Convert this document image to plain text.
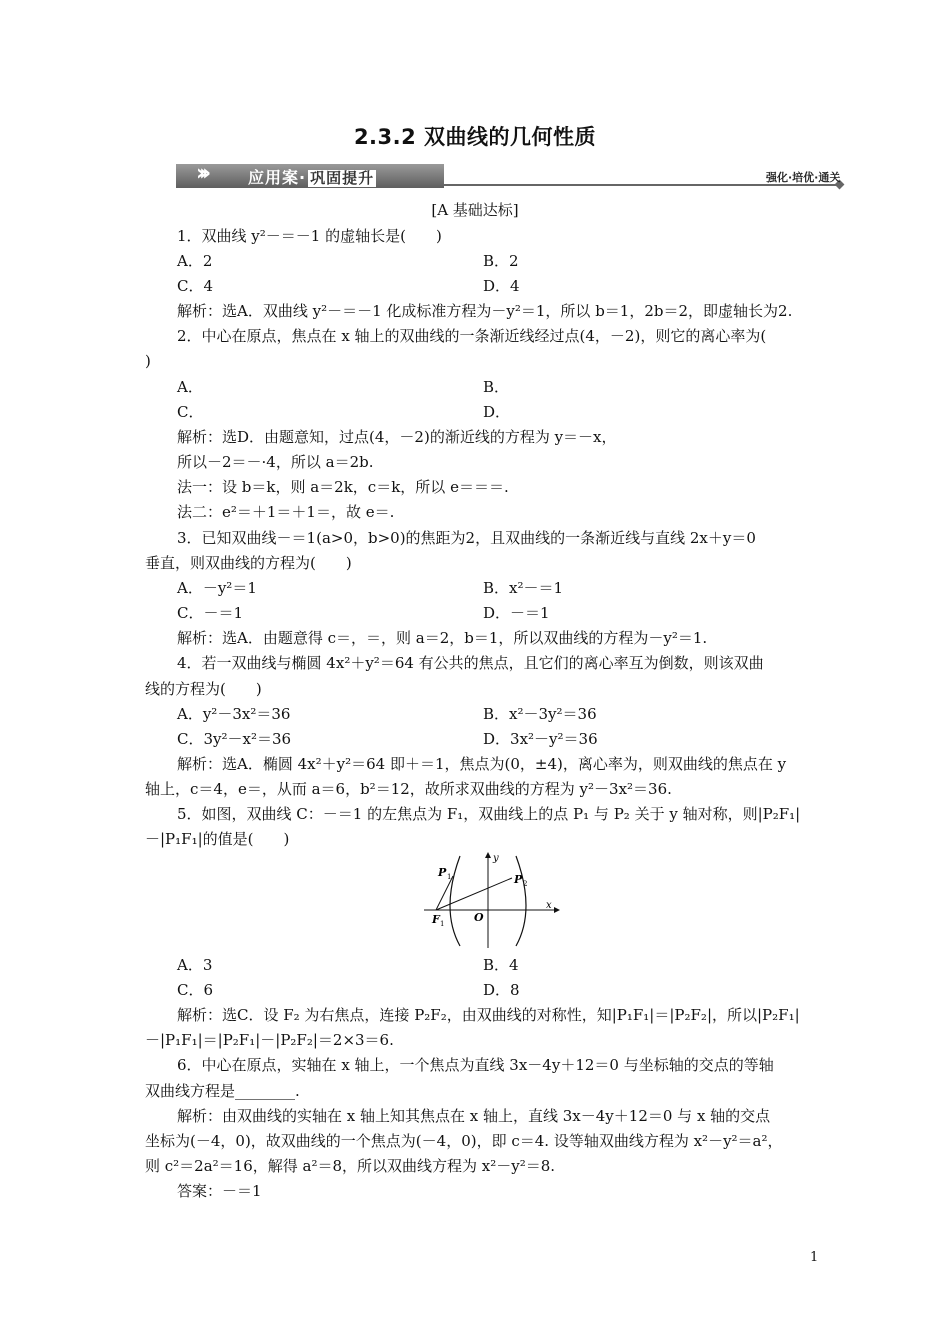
2.3.2 双曲线的几何性质
›››	应用案· 巩固提升	强化·培优·通关
[A 基础达标]
1．双曲线 y²－＝－1 的虚轴长是(　　)
A．2	B．2
C．4	D．4
解析：选A．双曲线 y²－＝－1 化成标准方程为－y²＝1，所以 b＝1，2b＝2，即虚轴长为2.
2．中心在原点，焦点在 x 轴上的双曲线的一条渐近线经过点(4，－2)，则它的离心率为(
)
A．	B．
C．	D．
解析：选D．由题意知，过点(4，－2)的渐近线的方程为 y＝－x，
所以－2＝－·4，所以 a＝2b.
法一：设 b＝k，则 a＝2k，c＝k，所以 e＝＝＝.
法二：e²＝＋1＝＋1＝，故 e＝.
3．已知双曲线－＝1(a>0，b>0)的焦距为2，且双曲线的一条渐近线与直线 2x＋y＝0
垂直，则双曲线的方程为(　　)
A．－y²＝1	B．x²－＝1
C．－＝1	D．－＝1
解析：选A．由题意得 c＝，＝，则 a＝2，b＝1，所以双曲线的方程为－y²＝1.
4．若一双曲线与椭圆 4x²＋y²＝64 有公共的焦点，且它们的离心率互为倒数，则该双曲
线的方程为(　　)
A．y²－3x²＝36	B．x²－3y²＝36
C．3y²－x²＝36	D．3x²－y²＝36
解析：选A．椭圆 4x²＋y²＝64 即＋＝1，焦点为(0，±4)，离心率为，则双曲线的焦点在 y
轴上，c＝4，e＝，从而 a＝6，b²＝12，故所求双曲线的方程为 y²－3x²＝36.
5．如图，双曲线 C：－＝1 的左焦点为 F₁，双曲线上的点 P₁ 与 P₂ 关于 y 轴对称，则|P₂F₁|
－|P₁F₁|的值是(　　)
y
x
O
P 1	P 2
F 1
A．3	B．4
C．6	D．8
解析：选C．设 F₂ 为右焦点，连接 P₂F₂，由双曲线的对称性，知|P₁F₁|＝|P₂F₂|，所以|P₂F₁|
－|P₁F₁|＝|P₂F₁|－|P₂F₂|＝2×3＝6.
6．中心在原点，实轴在 x 轴上，一个焦点为直线 3x－4y＋12＝0 与坐标轴的交点的等轴
双曲线方程是________.
解析：由双曲线的实轴在 x 轴上知其焦点在 x 轴上，直线 3x－4y＋12＝0 与 x 轴的交点
坐标为(－4，0)，故双曲线的一个焦点为(－4，0)，即 c＝4. 设等轴双曲线方程为 x²－y²＝a²，
则 c²＝2a²＝16，解得 a²＝8，所以双曲线方程为 x²－y²＝8.
答案：－＝1
1
